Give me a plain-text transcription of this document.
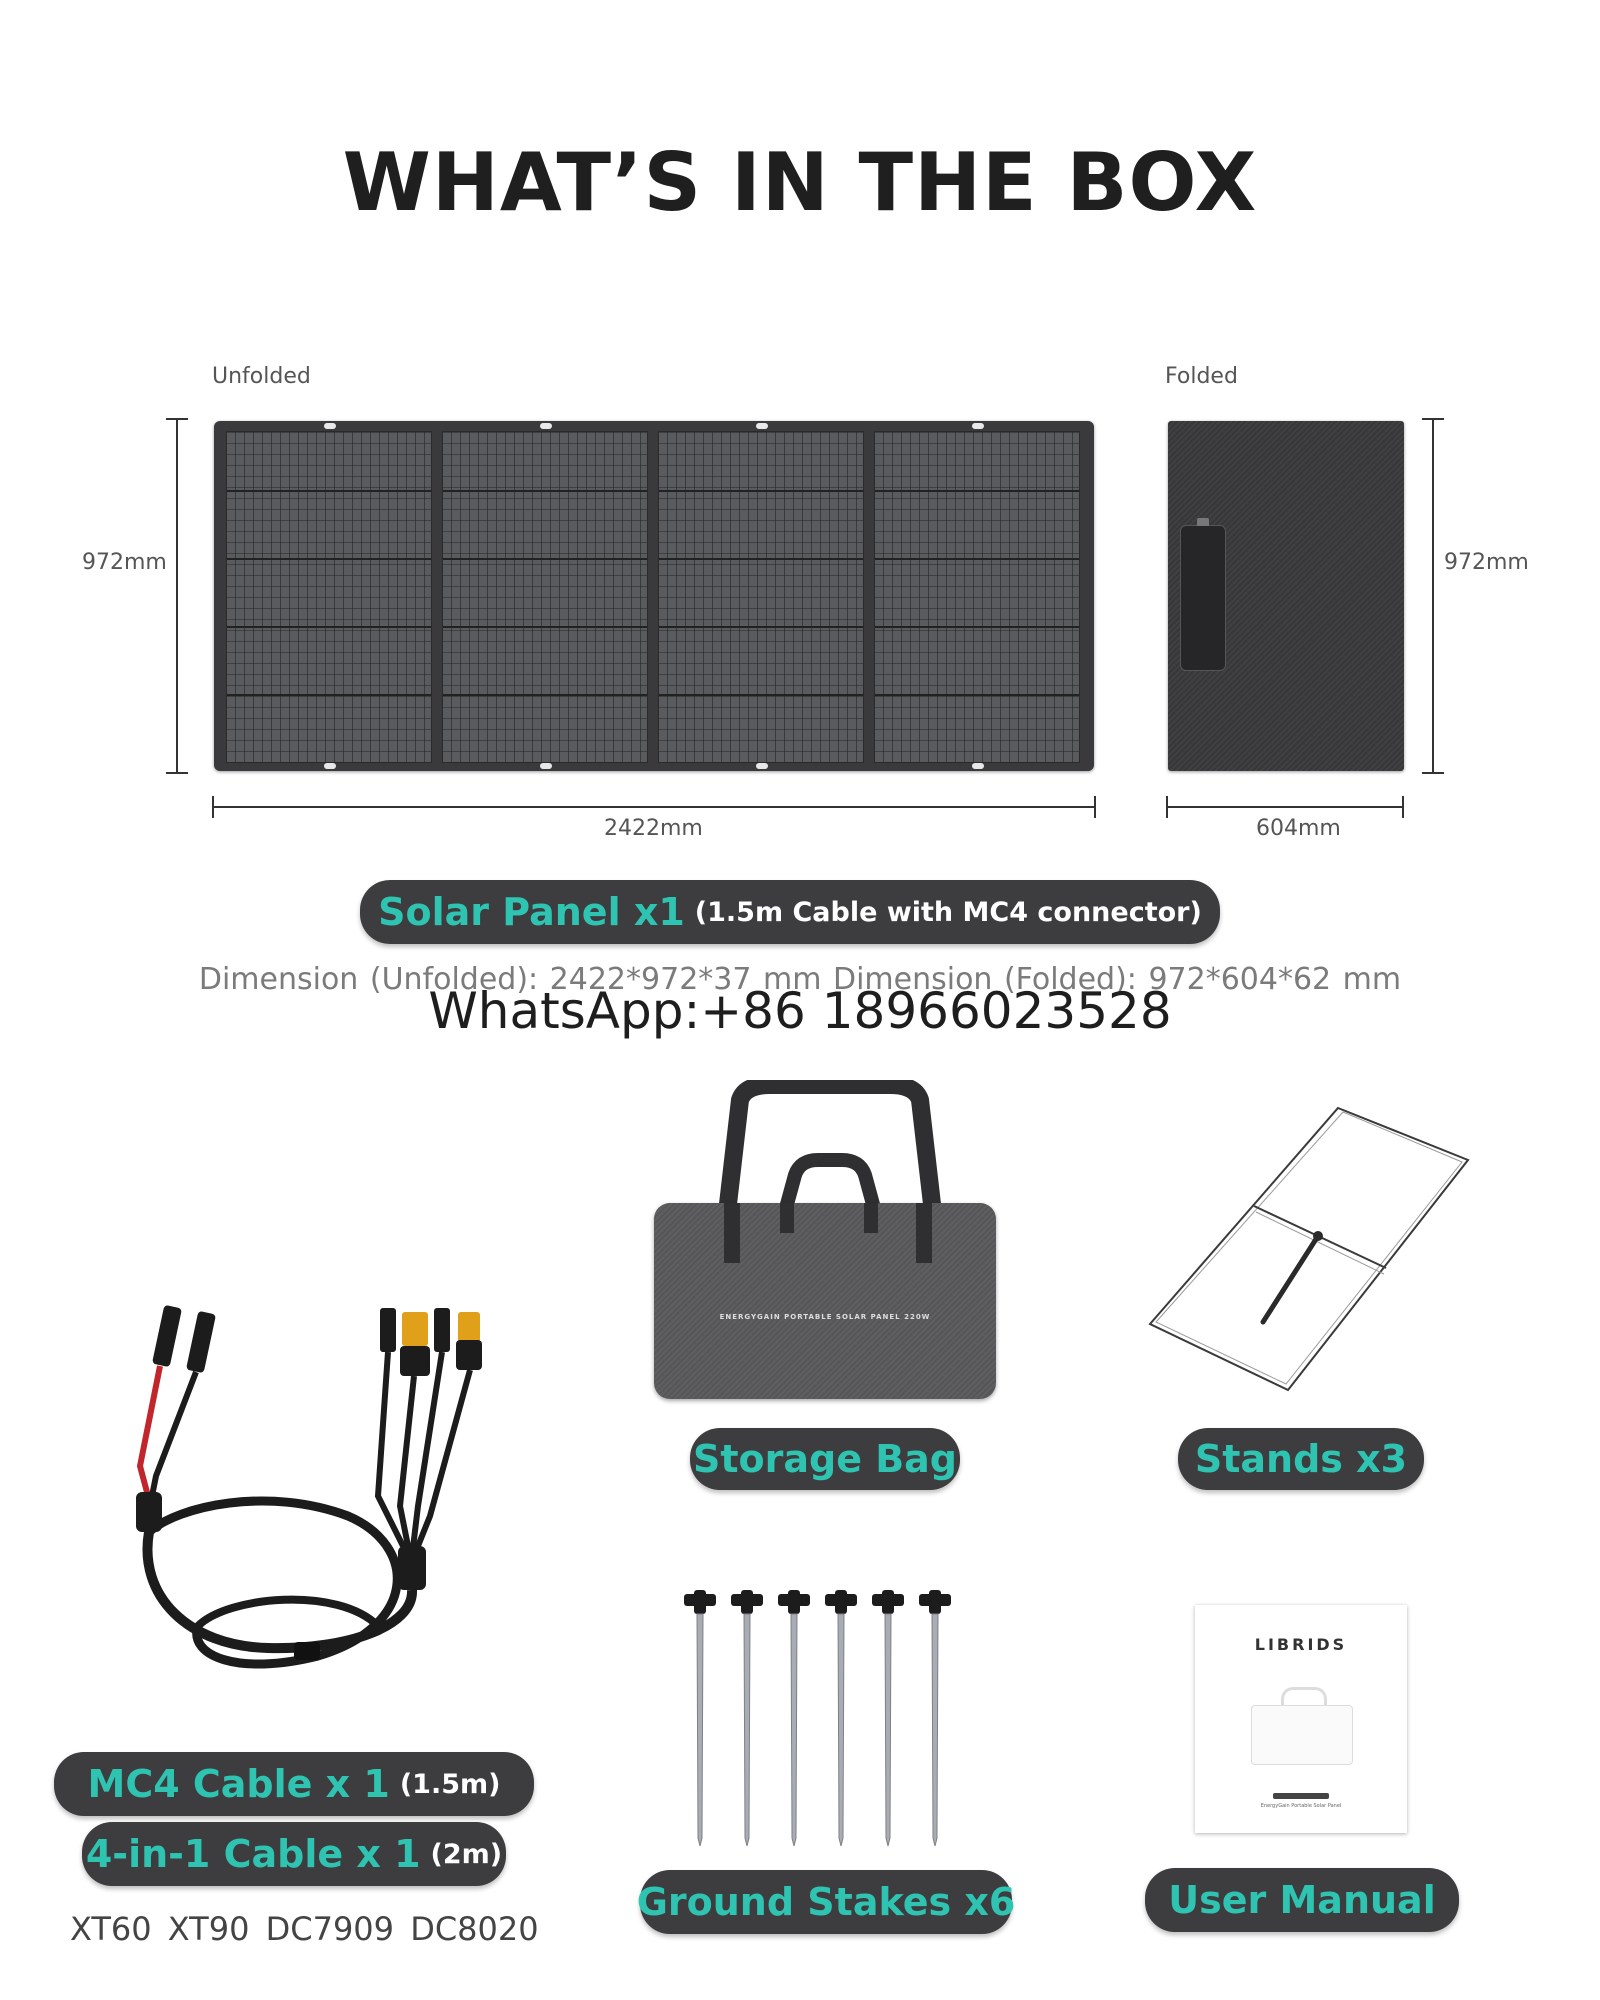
WHAT’S IN THE BOX
Unfolded	Folded
972mm	972mm
2422mm	604mm
Solar Panel x1 (1.5m Cable with MC4 connector)
Dimension (Unfolded): 2422*972*37 mm Dimension (Folded): 972*604*62 mm
WhatsApp:+86 18966023528
ENERGYGAIN PORTABLE SOLAR PANEL 220W
Storage Bag	Stands x3
MC4 Cable x 1 (1.5m)
4-in-1 Cable x 1 (2m)
XT60 XT90 DC7909 DC8020
Ground Stakes x6
LIBRIDS
EnergyGain Portable Solar Panel
User Manual
